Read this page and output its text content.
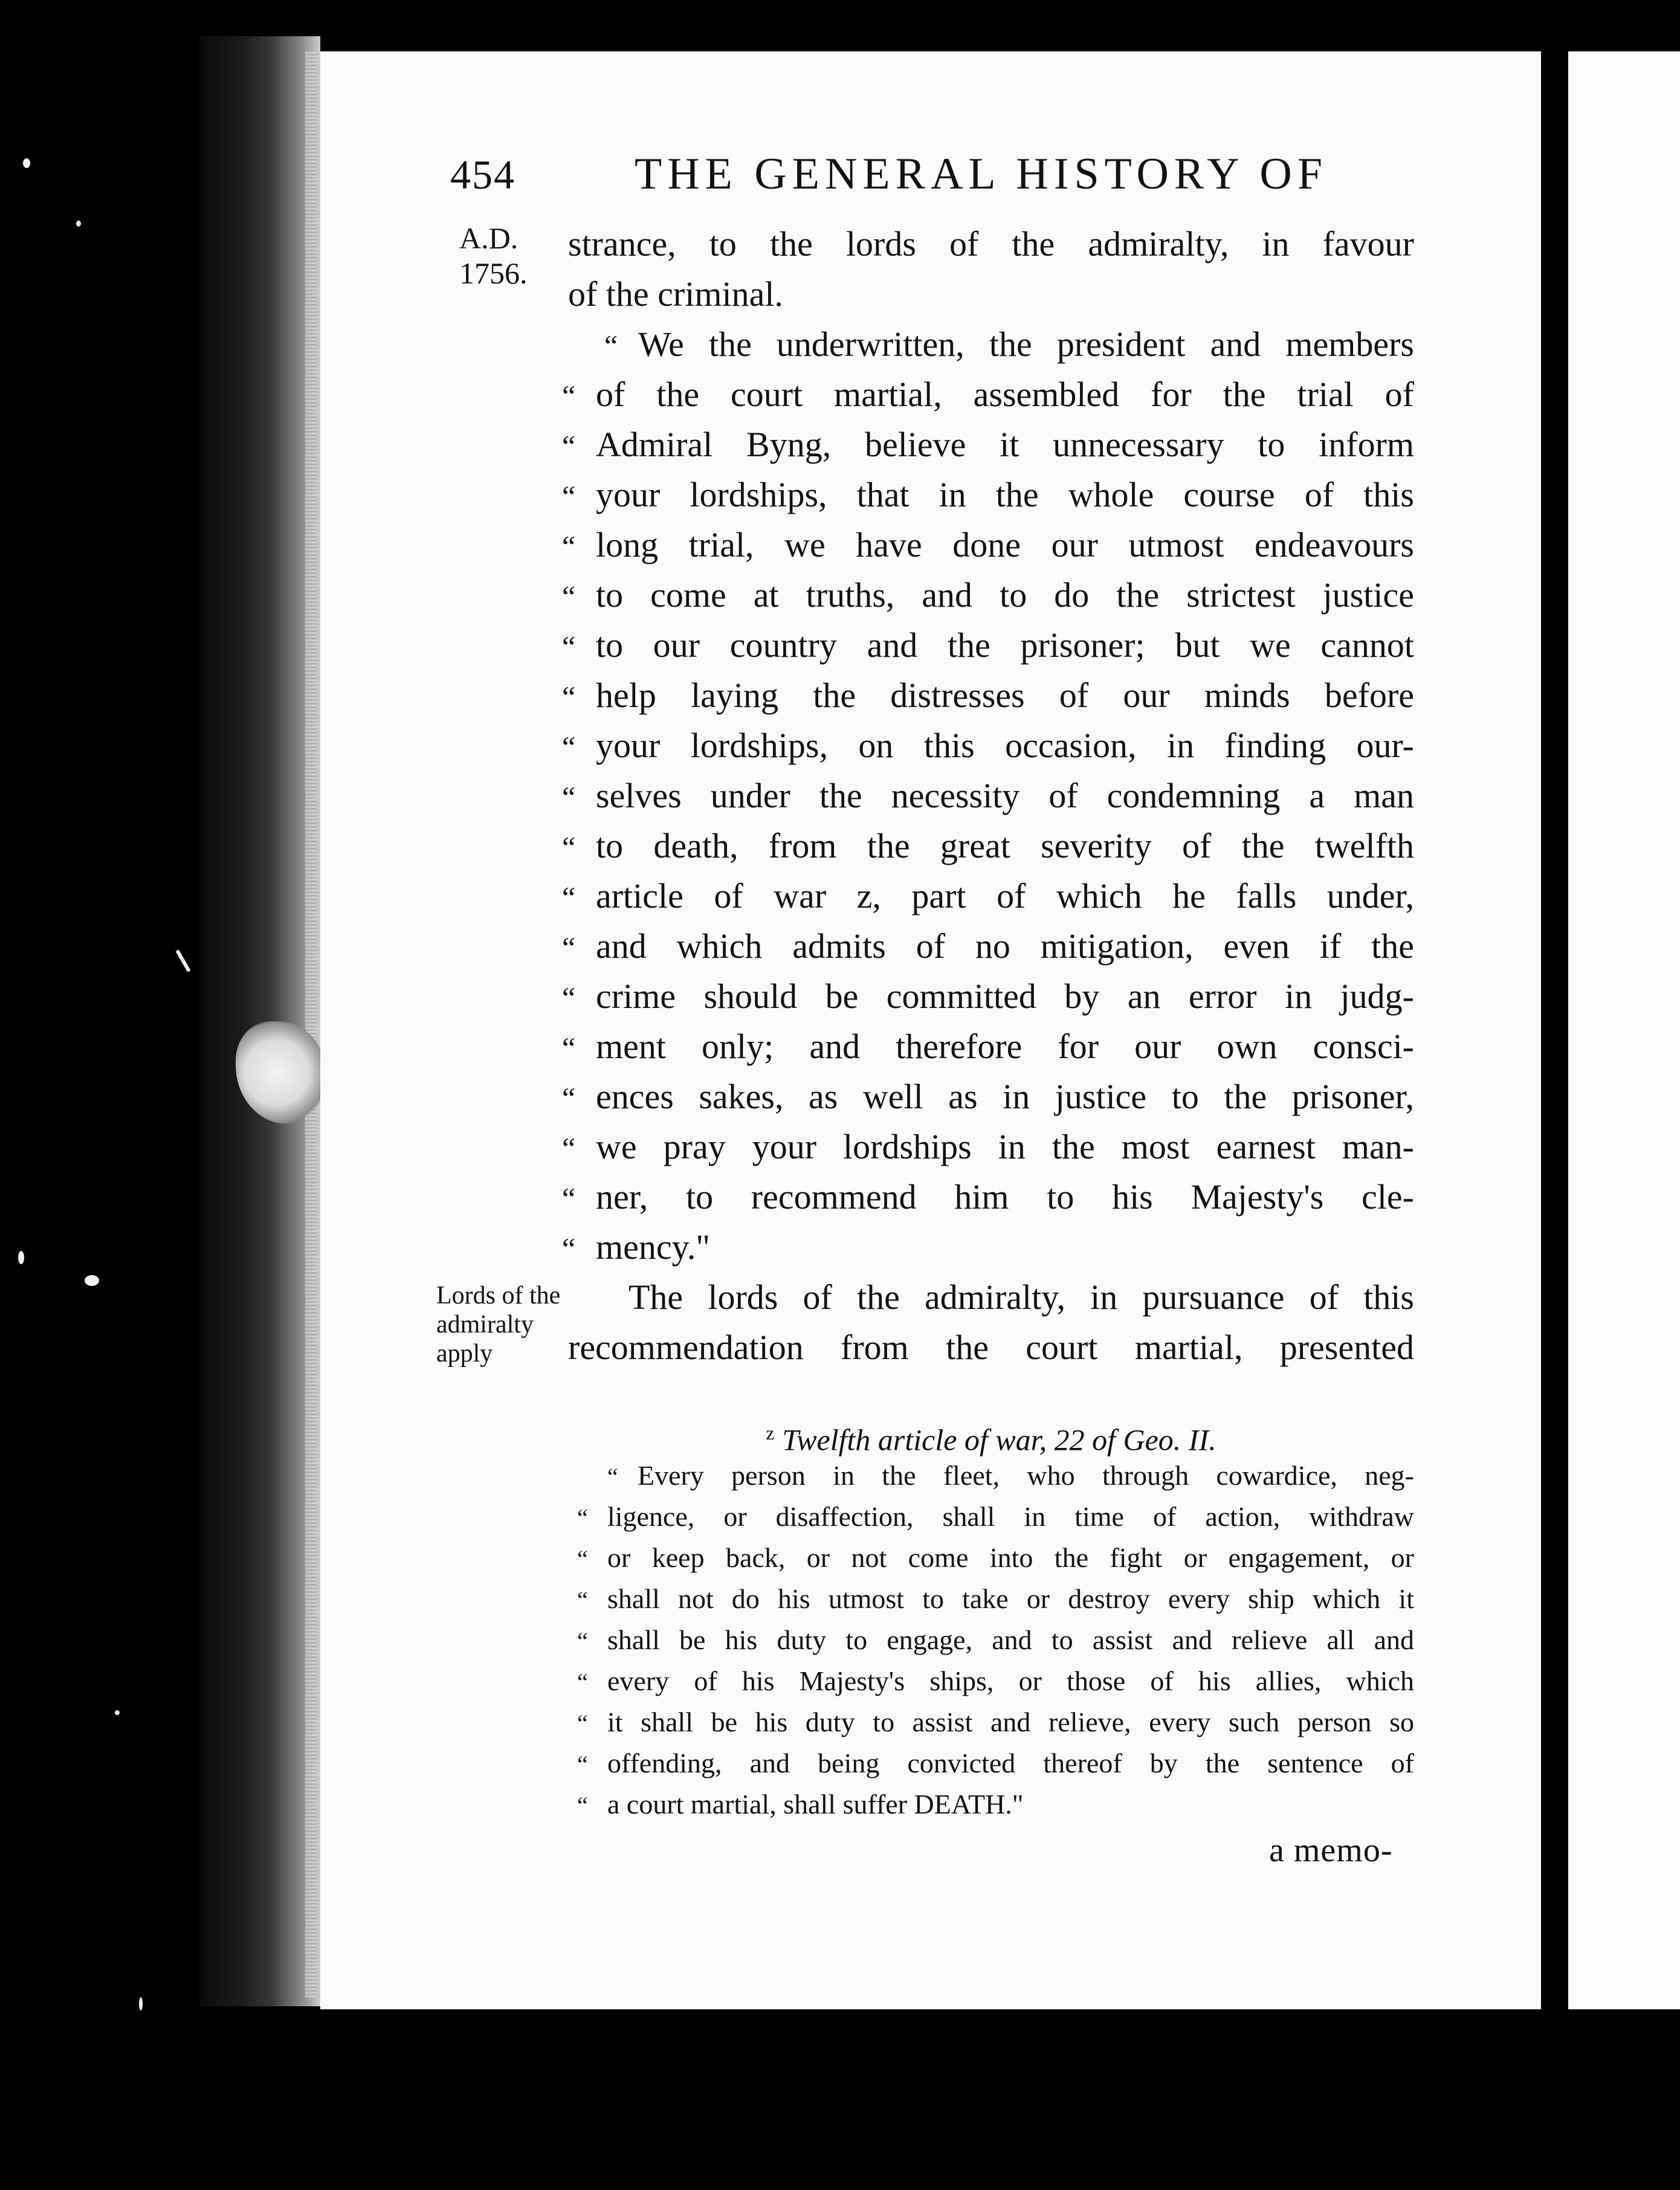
454	THE GENERAL HISTORY OF
A.D. 1756.
Lords of the admiralty apply
strance, to the lords of the admiralty, in favour
of the criminal.
“ We the underwritten, the president and members
“ of the court martial, assembled for the trial of
“ Admiral Byng, believe it unnecessary to inform
“ your lordships, that in the whole course of this
“ long trial, we have done our utmost endeavours
“ to come at truths, and to do the strictest justice
“ to our country and the prisoner; but we cannot
“ help laying the distresses of our minds before
“ your lordships, on this occasion, in finding our-
“ selves under the necessity of condemning a man
“ to death, from the great severity of the twelfth
“ article of war z, part of which he falls under,
“ and which admits of no mitigation, even if the
“ crime should be committed by an error in judg-
“ ment only; and therefore for our own consci-
“ ences sakes, as well as in justice to the prisoner,
“ we pray your lordships in the most earnest man-
“ ner, to recommend him to his Majesty's cle-
“ mency."
The lords of the admiralty, in pursuance of this
recommendation from the court martial, presented
$^z$ Twelfth article of war, 22 of Geo. II.
“ Every person in the fleet, who through cowardice, neg-
“ ligence, or disaffection, shall in time of action, withdraw
“ or keep back, or not come into the fight or engagement, or
“ shall not do his utmost to take or destroy every ship which it
“ shall be his duty to engage, and to assist and relieve all and
“ every of his Majesty's ships, or those of his allies, which
“ it shall be his duty to assist and relieve, every such person so
“ offending, and being convicted thereof by the sentence of
“ a court martial, shall suffer DEATH."
a memo-
